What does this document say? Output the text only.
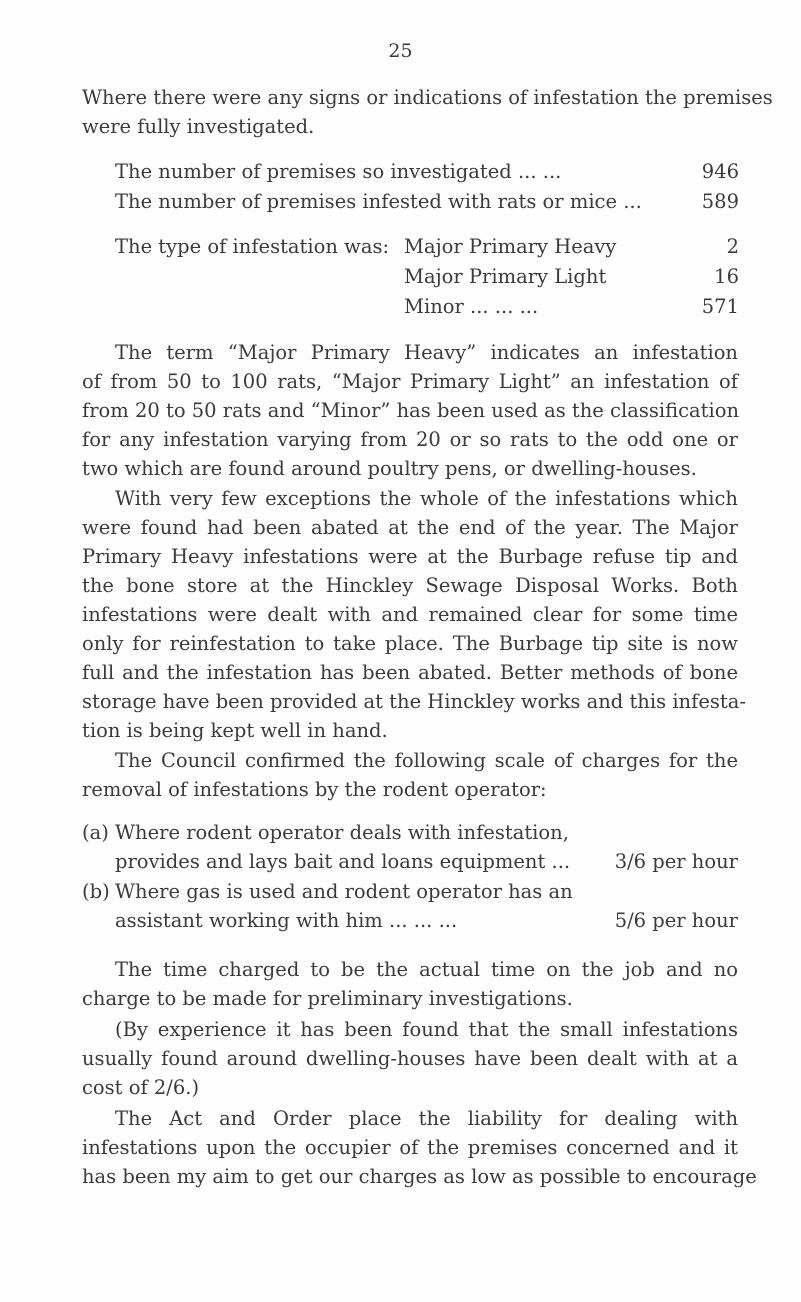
25
Where there were any signs or indications of infestation the premises
were fully investigated.
The number of premises so investigated ... ...	946
The number of premises infested with rats or mice ...	589
The type of infestation was: Major Primary Heavy	2
Major Primary Light	16
Minor ... ... ...	571
The term “Major Primary Heavy” indicates an infestation
of from 50 to 100 rats, “Major Primary Light” an infestation of
from 20 to 50 rats and “Minor” has been used as the classification
for any infestation varying from 20 or so rats to the odd one or
two which are found around poultry pens, or dwelling-houses.
With very few exceptions the whole of the infestations which
were found had been abated at the end of the year. The Major
Primary Heavy infestations were at the Burbage refuse tip and
the bone store at the Hinckley Sewage Disposal Works. Both
infestations were dealt with and remained clear for some time
only for reinfestation to take place. The Burbage tip site is now
full and the infestation has been abated. Better methods of bone
storage have been provided at the Hinckley works and this infesta-
tion is being kept well in hand.
The Council confirmed the following scale of charges for the
removal of infestations by the rodent operator:
(a) Where rodent operator deals with infestation,
provides and lays bait and loans equipment ... 3/6 per hour
(b) Where gas is used and rodent operator has an
assistant working with him ... ... ...	5/6 per hour
The time charged to be the actual time on the job and no
charge to be made for preliminary investigations.
(By experience it has been found that the small infestations
usually found around dwelling-houses have been dealt with at a
cost of 2/6.)
The Act and Order place the liability for dealing with
infestations upon the occupier of the premises concerned and it
has been my aim to get our charges as low as possible to encourage
